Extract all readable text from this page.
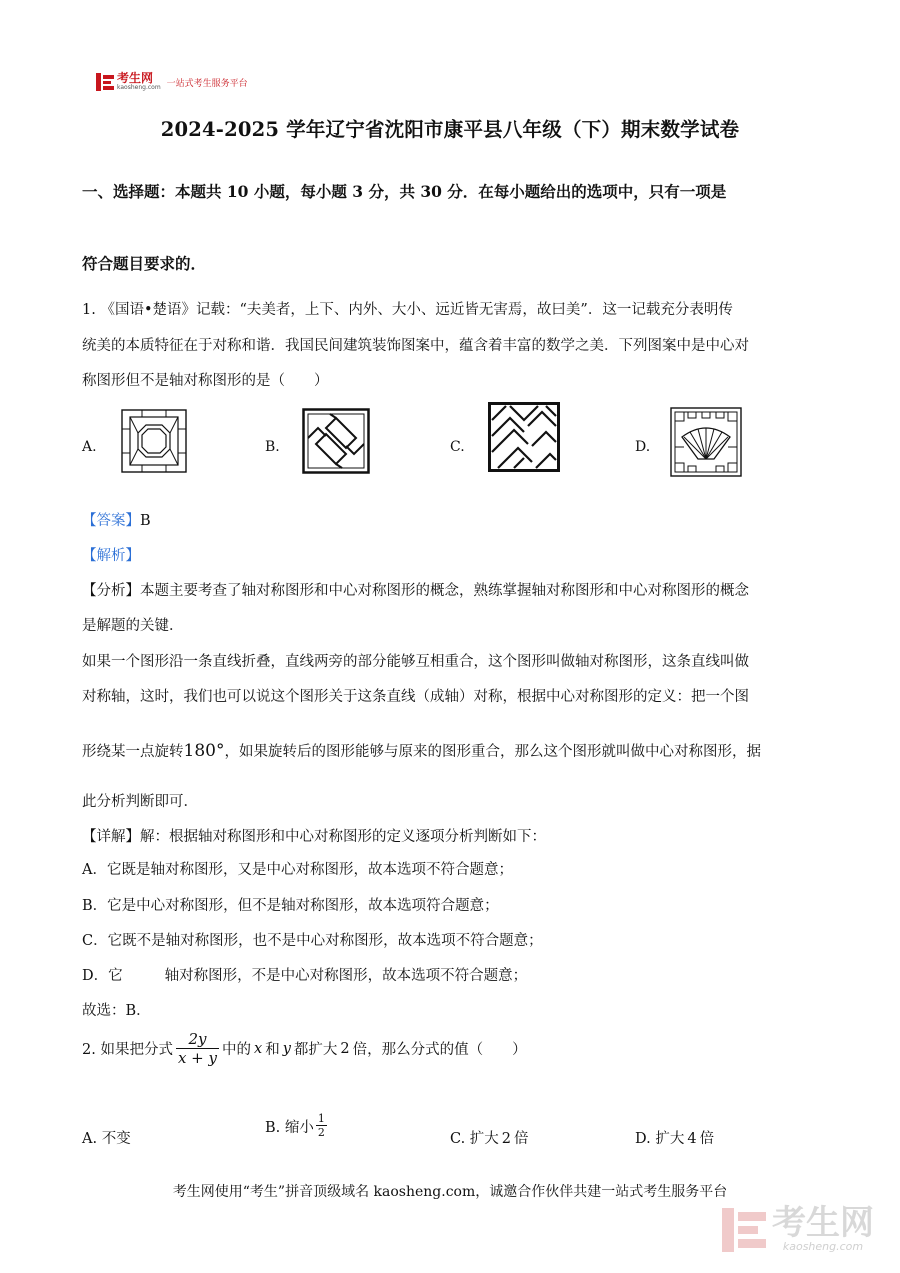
考生网
kaosheng.com 一站式考生服务平台
2024-2025 学年辽宁省沈阳市康平县八年级（下）期末数学试卷
一、选择题：本题共 10 小题，每小题 3 分，共 30 分．在每小题给出的选项中，只有一项是
符合题目要求的．
1. 《国语•楚语》记载：“夫美者，上下、内外、大小、远近皆无害焉，故曰美”．这一记载充分表明传
统美的本质特征在于对称和谐．我国民间建筑装饰图案中，蕴含着丰富的数学之美．下列图案中是中心对
称图形但不是轴对称图形的是（　　）
A.	B.	C.	D.
【答案】B
【解析】
【分析】本题主要考查了轴对称图形和中心对称图形的概念，熟练掌握轴对称图形和中心对称图形的概念
是解题的关键．
如果一个图形沿一条直线折叠，直线两旁的部分能够互相重合，这个图形叫做轴对称图形，这条直线叫做
对称轴，这时，我们也可以说这个图形关于这条直线（成轴）对称，根据中心对称图形的定义：把一个图
形绕某一点旋转180°，如果旋转后的图形能够与原来的图形重合，那么这个图形就叫做中心对称图形，据
此分析判断即可．
【详解】解：根据轴对称图形和中心对称图形的定义逐项分析判断如下：
A．它既是轴对称图形，又是中心对称图形，故本选项不符合题意；
B．它是中心对称图形，但不是轴对称图形，故本选项符合题意；
C．它既不是轴对称图形，也不是中心对称图形，故本选项不符合题意；
D．它	轴对称图形，不是中心对称图形，故本选项不符合题意；
故选：B．
2. 如果把分式 $\frac{2y}{x + y}$ 中的 x 和 y 都扩大 2 倍，那么分式的值（　　）
A. 不变
B. 缩小 $\frac{1}{2}$	C. 扩大 2 倍	D. 扩大 4 倍
考生网使用“考生”拼音顶级域名 kaosheng.com，诚邀合作伙伴共建一站式考生服务平台
考生网
kaosheng.com
